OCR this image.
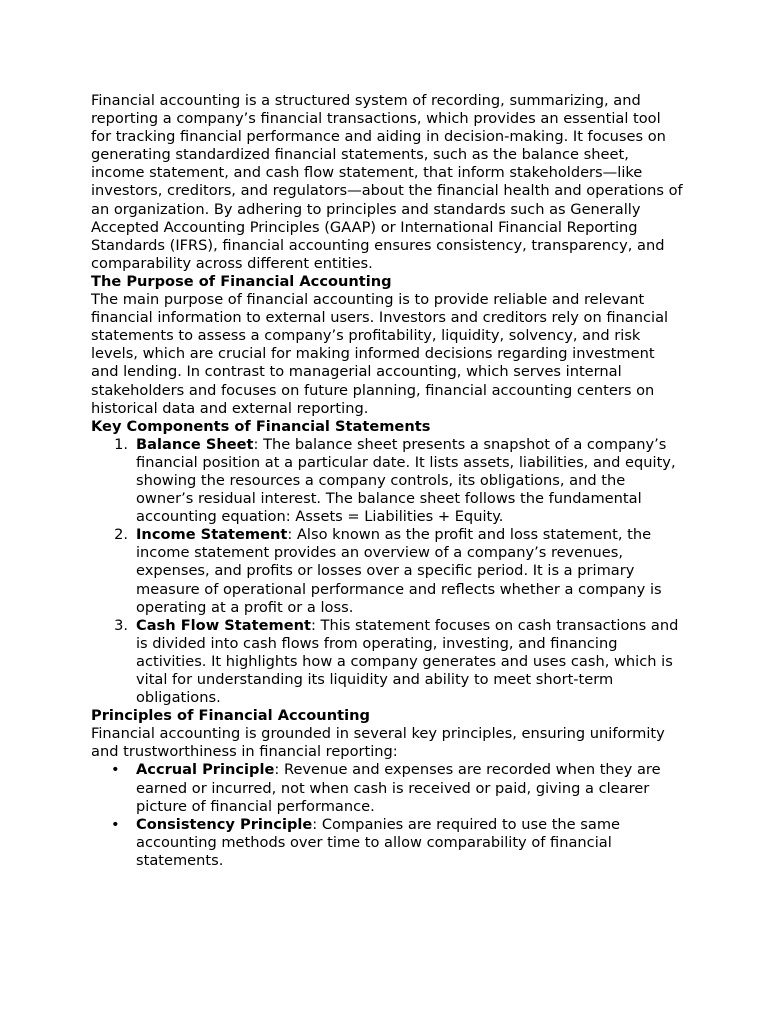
Financial accounting is a structured system of recording, summarizing, and reporting a company’s financial transactions, which provides an essential tool for tracking financial performance and aiding in decision-making. It focuses on generating standardized financial statements, such as the balance sheet, income statement, and cash flow statement, that inform stakeholders—like investors, creditors, and regulators—about the financial health and operations of an organization. By adhering to principles and standards such as Generally Accepted Accounting Principles (GAAP) or International Financial Reporting Standards (IFRS), financial accounting ensures consistency, transparency, and comparability across different entities.

The Purpose of Financial Accounting

The main purpose of financial accounting is to provide reliable and relevant financial information to external users. Investors and creditors rely on financial statements to assess a company’s profitability, liquidity, solvency, and risk levels, which are crucial for making informed decisions regarding investment and lending. In contrast to managerial accounting, which serves internal stakeholders and focuses on future planning, financial accounting centers on historical data and external reporting.

Key Components of Financial Statements
1. Balance Sheet: The balance sheet presents a snapshot of a company’s financial position at a particular date. It lists assets, liabilities, and equity, showing the resources a company controls, its obligations, and the owner’s residual interest. The balance sheet follows the fundamental accounting equation: Assets = Liabilities + Equity.
2. Income Statement: Also known as the profit and loss statement, the income statement provides an overview of a company’s revenues, expenses, and profits or losses over a specific period. It is a primary measure of operational performance and reflects whether a company is operating at a profit or a loss.
3. Cash Flow Statement: This statement focuses on cash transactions and is divided into cash flows from operating, investing, and financing activities. It highlights how a company generates and uses cash, which is vital for understanding its liquidity and ability to meet short-term obligations.
Principles of Financial Accounting

Financial accounting is grounded in several key principles, ensuring uniformity and trustworthiness in financial reporting:

• Accrual Principle: Revenue and expenses are recorded when they are earned or incurred, not when cash is received or paid, giving a clearer picture of financial performance.
• Consistency Principle: Companies are required to use the same accounting methods over time to allow comparability of financial statements.
